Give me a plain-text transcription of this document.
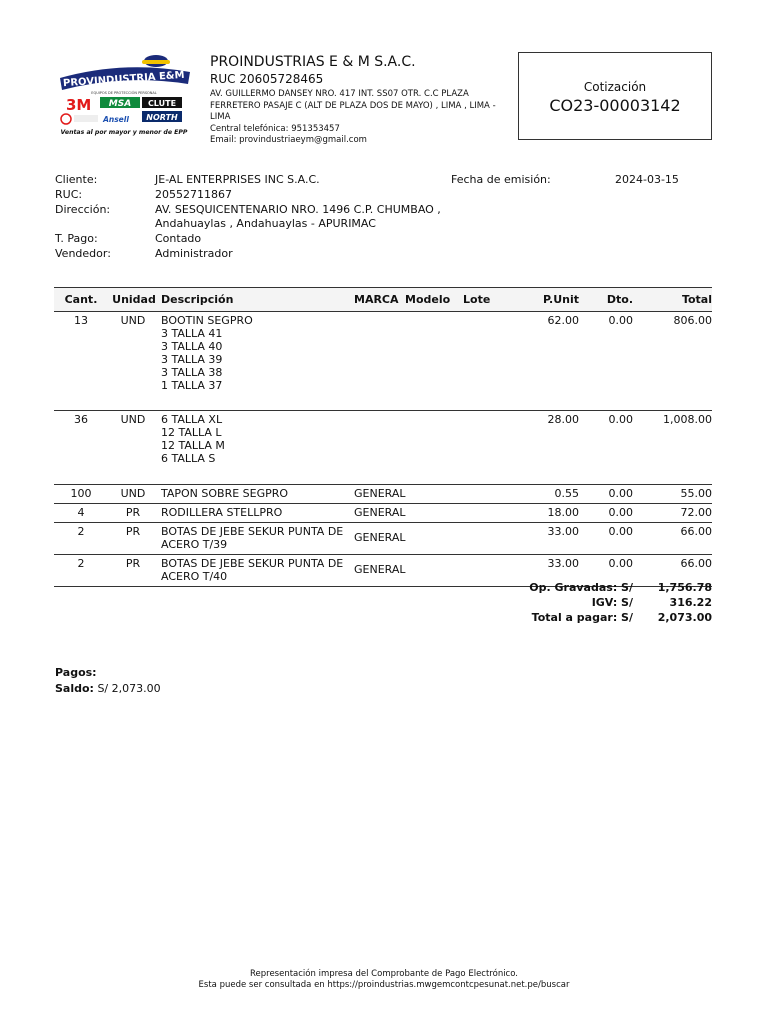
PROVINDUSTRIA E&M
EQUIPOS DE PROTECCIÓN PERSONAL
3M MSA CLUTE
Ansell NORTH
Ventas al por mayor y menor de EPP
PROINDUSTRIAS E & M S.A.C.
RUC 20605728465
AV. GUILLERMO DANSEY NRO. 417 INT. SS07 OTR. C.C PLAZA FERRETERO PASAJE C (ALT DE PLAZA DOS DE MAYO) , LIMA , LIMA - LIMA
Central telefónica: 951353457
Email: provindustriaeym@gmail.com
Cotización
CO23-00003142
Cliente:	JE-AL ENTERPRISES INC S.A.C.	Fecha de emisión:	2024-03-15
RUC:	20552711867
Dirección:	AV. SESQUICENTENARIO NRO. 1496 C.P. CHUMBAO , Andahuaylas , Andahuaylas - APURIMAC
T. Pago:	Contado
Vendedor:	Administrador
Cant.	Unidad Descripción	MARCA Modelo Lote	P.Unit	Dto.	Total
13	UND	BOOTIN SEGPRO
3 TALLA 41
3 TALLA 40
3 TALLA 39
3 TALLA 38
1 TALLA 37
62.00	0.00	806.00
36	UND	6 TALLA XL
12 TALLA L
12 TALLA M
6 TALLA S
28.00	0.00	1,008.00
100	UND	TAPON SOBRE SEGPRO	GENERAL	0.55	0.00	55.00
4	PR	RODILLERA STELLPRO	GENERAL	18.00	0.00	72.00
2	PR	BOTAS DE JEBE SEKUR PUNTA DE
ACERO T/39
GENERAL	33.00	0.00	66.00
2	PR	BOTAS DE JEBE SEKUR PUNTA DE
ACERO T/40
GENERAL	33.00	0.00	66.00
Op. Gravadas: S/ 1,756.78
IGV: S/	316.22
Total a pagar: S/ 2,073.00
Pagos:
Saldo: S/ 2,073.00
Representación impresa del Comprobante de Pago Electrónico.
Esta puede ser consultada en https://proindustrias.mwgemcontcpesunat.net.pe/buscar
